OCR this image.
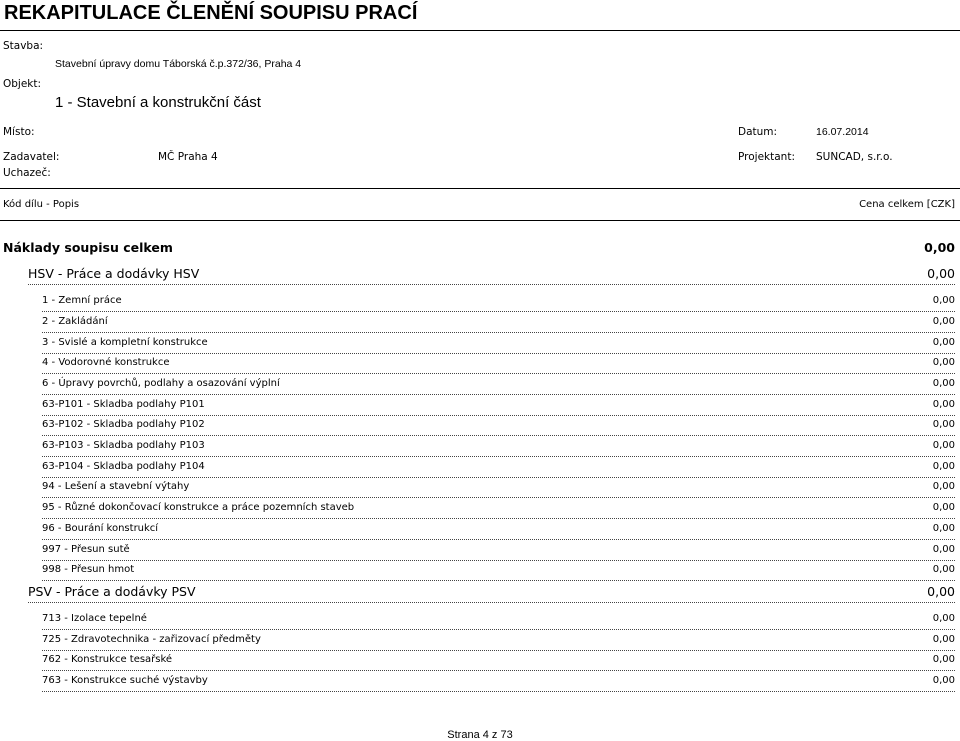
REKAPITULACE ČLENĚNÍ SOUPISU PRACÍ
Stavba:
Stavební úpravy domu Táborská č.p.372/36, Praha 4
Objekt:
1 - Stavební a konstrukční část
Místo:	Datum:	16.07.2014
Zadavatel:	MČ Praha 4	Projektant: SUNCAD, s.r.o.
Uchazeč:
Kód dílu - Popis	Cena celkem [CZK]
Náklady soupisu celkem	0,00
HSV - Práce a dodávky HSV	0,00
1 - Zemní práce	0,00
2 - Zakládání	0,00
3 - Svislé a kompletní konstrukce	0,00
4 - Vodorovné konstrukce	0,00
6 - Úpravy povrchů, podlahy a osazování výplní	0,00
63-P101 - Skladba podlahy P101	0,00
63-P102 - Skladba podlahy P102	0,00
63-P103 - Skladba podlahy P103	0,00
63-P104 - Skladba podlahy P104	0,00
94 - Lešení a stavební výtahy	0,00
95 - Různé dokončovací konstrukce a práce pozemních staveb	0,00
96 - Bourání konstrukcí	0,00
997 - Přesun sutě	0,00
998 - Přesun hmot	0,00
PSV - Práce a dodávky PSV	0,00
713 - Izolace tepelné	0,00
725 - Zdravotechnika - zařizovací předměty	0,00
762 - Konstrukce tesařské	0,00
763 - Konstrukce suché výstavby	0,00
Strana 4 z 73
